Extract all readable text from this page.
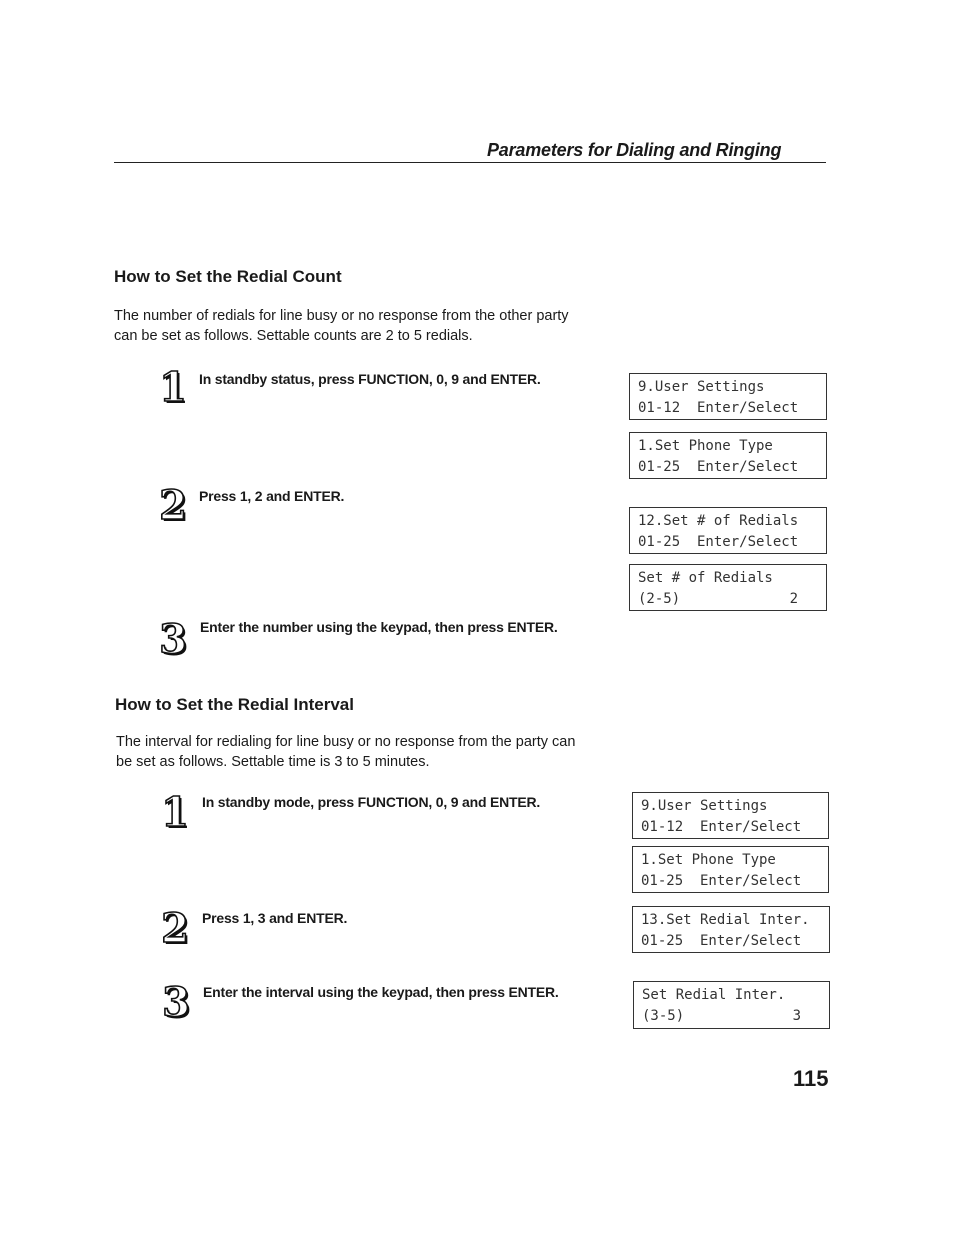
Parameters for Dialing and Ringing
How to Set the Redial Count
The number of redials for line busy or no response from the other party
can be set as follows. Settable counts are 2 to 5 redials.
1 In standby status, press FUNCTION, 0, 9 and ENTER.
2 Press 1, 2 and ENTER.
3 Enter the number using the keypad, then press ENTER.
9.User Settings
01-12  Enter/Select
1.Set Phone Type
01-25  Enter/Select
12.Set # of Redials
01-25  Enter/Select
Set # of Redials
(2-5)	2
How to Set the Redial Interval
The interval for redialing for line busy or no response from the party can
be set as follows. Settable time is 3 to 5 minutes.
1 In standby mode, press FUNCTION, 0, 9 and ENTER.
2 Press 1, 3 and ENTER.
3 Enter the interval using the keypad, then press ENTER.
9.User Settings
01-12  Enter/Select
1.Set Phone Type
01-25  Enter/Select
13.Set Redial Inter.
01-25  Enter/Select
Set Redial Inter.
(3-5)	3
115
